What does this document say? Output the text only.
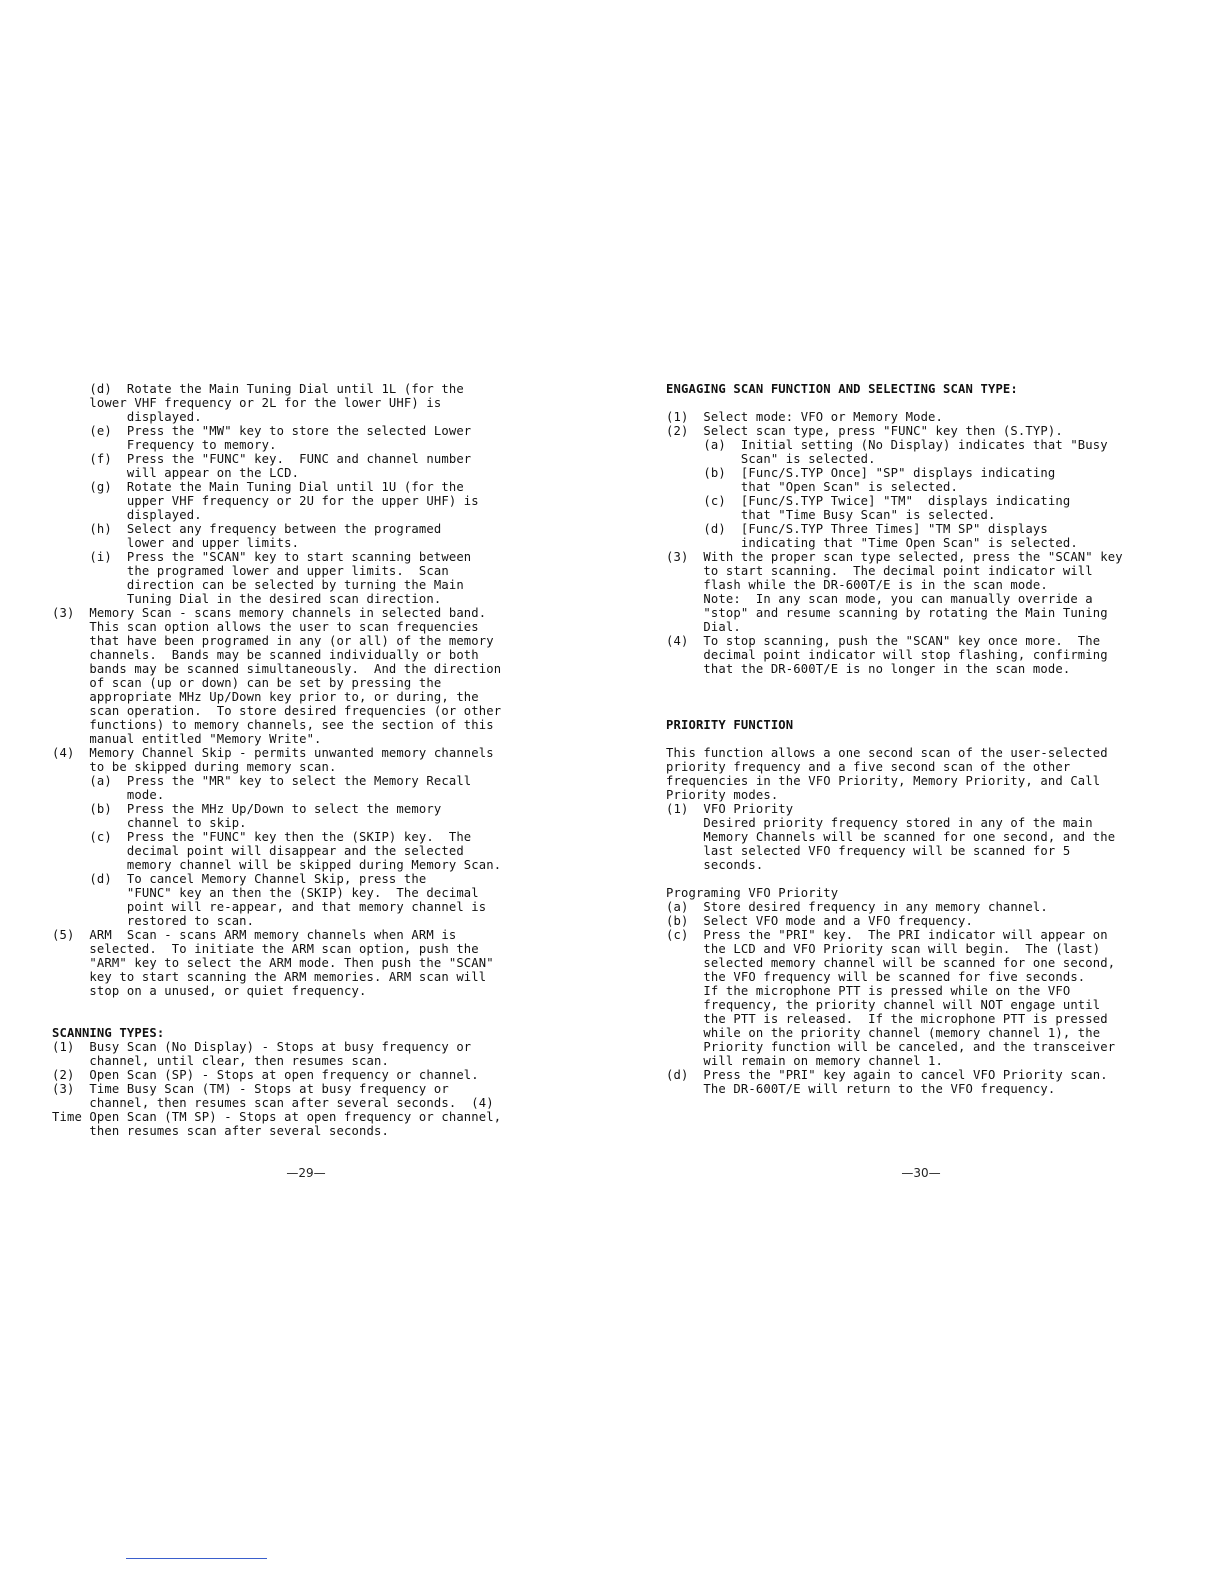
(d)  Rotate the Main Tuning Dial until 1L (for the
lower VHF frequency or 2L for the lower UHF) is
displayed.
(e)  Press the "MW" key to store the selected Lower
Frequency to memory.
(f)  Press the "FUNC" key.  FUNC and channel number
will appear on the LCD.
(g)  Rotate the Main Tuning Dial until 1U (for the
upper VHF frequency or 2U for the upper UHF) is
displayed.
(h)  Select any frequency between the programed
lower and upper limits.
(i)  Press the "SCAN" key to start scanning between
the programed lower and upper limits.  Scan
direction can be selected by turning the Main
Tuning Dial in the desired scan direction.
(3)  Memory Scan - scans memory channels in selected band.
This scan option allows the user to scan frequencies
that have been programed in any (or all) of the memory
channels.  Bands may be scanned individually or both
bands may be scanned simultaneously.  And the direction
of scan (up or down) can be set by pressing the
appropriate MHz Up/Down key prior to, or during, the
scan operation.  To store desired frequencies (or other
functions) to memory channels, see the section of this
manual entitled "Memory Write".
(4)  Memory Channel Skip - permits unwanted memory channels
to be skipped during memory scan.
(a)  Press the "MR" key to select the Memory Recall
mode.
(b)  Press the MHz Up/Down to select the memory
channel to skip.
(c)  Press the "FUNC" key then the (SKIP) key.  The
decimal point will disappear and the selected
memory channel will be skipped during Memory Scan.
(d)  To cancel Memory Channel Skip, press the
"FUNC" key an then the (SKIP) key.  The decimal
point will re-appear, and that memory channel is
restored to scan.
(5)  ARM  Scan - scans ARM memory channels when ARM is
selected.  To initiate the ARM scan option, push the
"ARM" key to select the ARM mode. Then push the "SCAN"
key to start scanning the ARM memories. ARM scan will
stop on a unused, or quiet frequency.
SCANNING TYPES:
(1)  Busy Scan (No Display) - Stops at busy frequency or
channel, until clear, then resumes scan.
(2)  Open Scan (SP) - Stops at open frequency or channel.
(3)  Time Busy Scan (TM) - Stops at busy frequency or
channel, then resumes scan after several seconds.  (4)
Time Open Scan (TM SP) - Stops at open frequency or channel,
then resumes scan after several seconds.
ENGAGING SCAN FUNCTION AND SELECTING SCAN TYPE:
(1)  Select mode: VFO or Memory Mode.
(2)  Select scan type, press "FUNC" key then (S.TYP).
(a)  Initial setting (No Display) indicates that "Busy
Scan" is selected.
(b)  [Func/S.TYP Once] "SP" displays indicating
that "Open Scan" is selected.
(c)  [Func/S.TYP Twice] "TM"  displays indicating
that "Time Busy Scan" is selected.
(d)  [Func/S.TYP Three Times] "TM SP" displays
indicating that "Time Open Scan" is selected.
(3)  With the proper scan type selected, press the "SCAN" key
to start scanning.  The decimal point indicator will
flash while the DR-600T/E is in the scan mode.
Note:  In any scan mode, you can manually override a
"stop" and resume scanning by rotating the Main Tuning
Dial.
(4)  To stop scanning, push the "SCAN" key once more.  The
decimal point indicator will stop flashing, confirming
that the DR-600T/E is no longer in the scan mode.
PRIORITY FUNCTION
This function allows a one second scan of the user-selected
priority frequency and a five second scan of the other
frequencies in the VFO Priority, Memory Priority, and Call
Priority modes.
(1)  VFO Priority
Desired priority frequency stored in any of the main
Memory Channels will be scanned for one second, and the
last selected VFO frequency will be scanned for 5
seconds.
Programing VFO Priority
(a)  Store desired frequency in any memory channel.
(b)  Select VFO mode and a VFO frequency.
(c)  Press the "PRI" key.  The PRI indicator will appear on
the LCD and VFO Priority scan will begin.  The (last)
selected memory channel will be scanned for one second,
the VFO frequency will be scanned for five seconds.
If the microphone PTT is pressed while on the VFO
frequency, the priority channel will NOT engage until
the PTT is released.  If the microphone PTT is pressed
while on the priority channel (memory channel 1), the
Priority function will be canceled, and the transceiver
will remain on memory channel 1.
(d)  Press the "PRI" key again to cancel VFO Priority scan.
The DR-600T/E will return to the VFO frequency.
—29—	—30—
